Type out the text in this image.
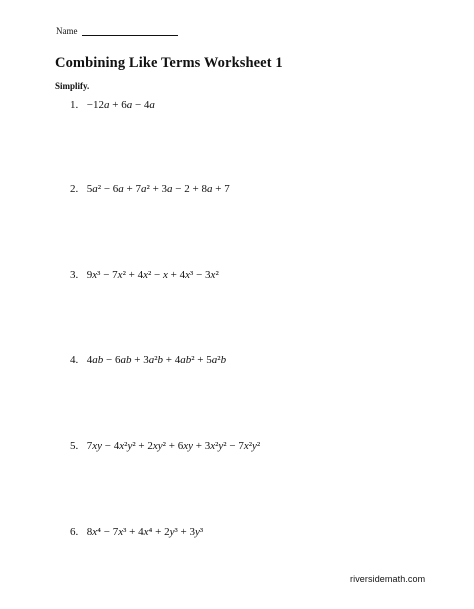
Name
Combining Like Terms Worksheet 1
Simplify.
1. −12a + 6a − 4a
2. 5a² − 6a + 7a² + 3a − 2 + 8a + 7
3. 9x³ − 7x² + 4x² − x + 4x³ − 3x²
4. 4ab − 6ab + 3a²b + 4ab² + 5a²b
5. 7xy − 4x²y² + 2xy² + 6xy + 3x²y² − 7x²y²
6. 8x⁴ − 7x³ + 4x⁴ + 2y³ + 3y³
riversidemath.com
